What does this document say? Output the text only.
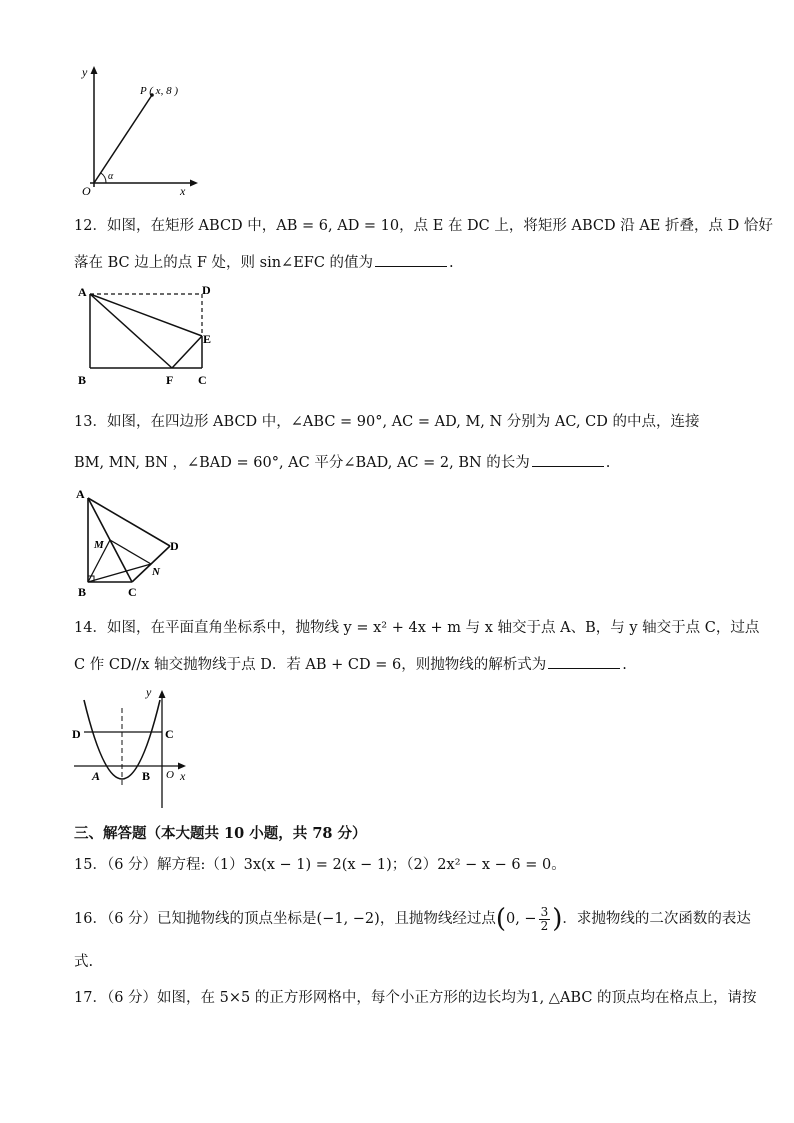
y
x
O
α
P ( x, 8 )
12．如图，在矩形 ABCD 中，AB = 6, AD = 10，点 E 在 DC 上，将矩形 ABCD 沿 AE 折叠，点 D 恰好
落在 BC 边上的点 F 处，则 sin∠EFC 的值为	.
A	D
E
B	F C
13．如图，在四边形 ABCD 中，∠ABC = 90°, AC = AD, M, N 分别为 AC, CD 的中点，连接
BM, MN, BN ，∠BAD = 60°, AC 平分∠BAD, AC = 2, BN 的长为	.
A
M	D
N
B	C
14．如图，在平面直角坐标系中，抛物线 y = x² + 4x + m 与 x 轴交于点 A、B，与 y 轴交于点 C，过点
C 作 CD//x 轴交抛物线于点 D．若 AB + CD = 6，则抛物线的解析式为	.
y
x
O
D	C
A	B
三、解答题（本大题共 10 小题，共 78 分）
15．（6 分）解方程:（1）3x(x − 1) = 2(x − 1)；（2）2x² − x − 6 = 0。
16．（6 分）已知抛物线的顶点坐标是(−1, −2)，且抛物线经过点(0, − $\frac{3}{2}$ )．求抛物线的二次函数的表达
式.
17．（6 分）如图，在 5×5 的正方形网格中，每个小正方形的边长均为1, △ABC 的顶点均在格点上，请按
